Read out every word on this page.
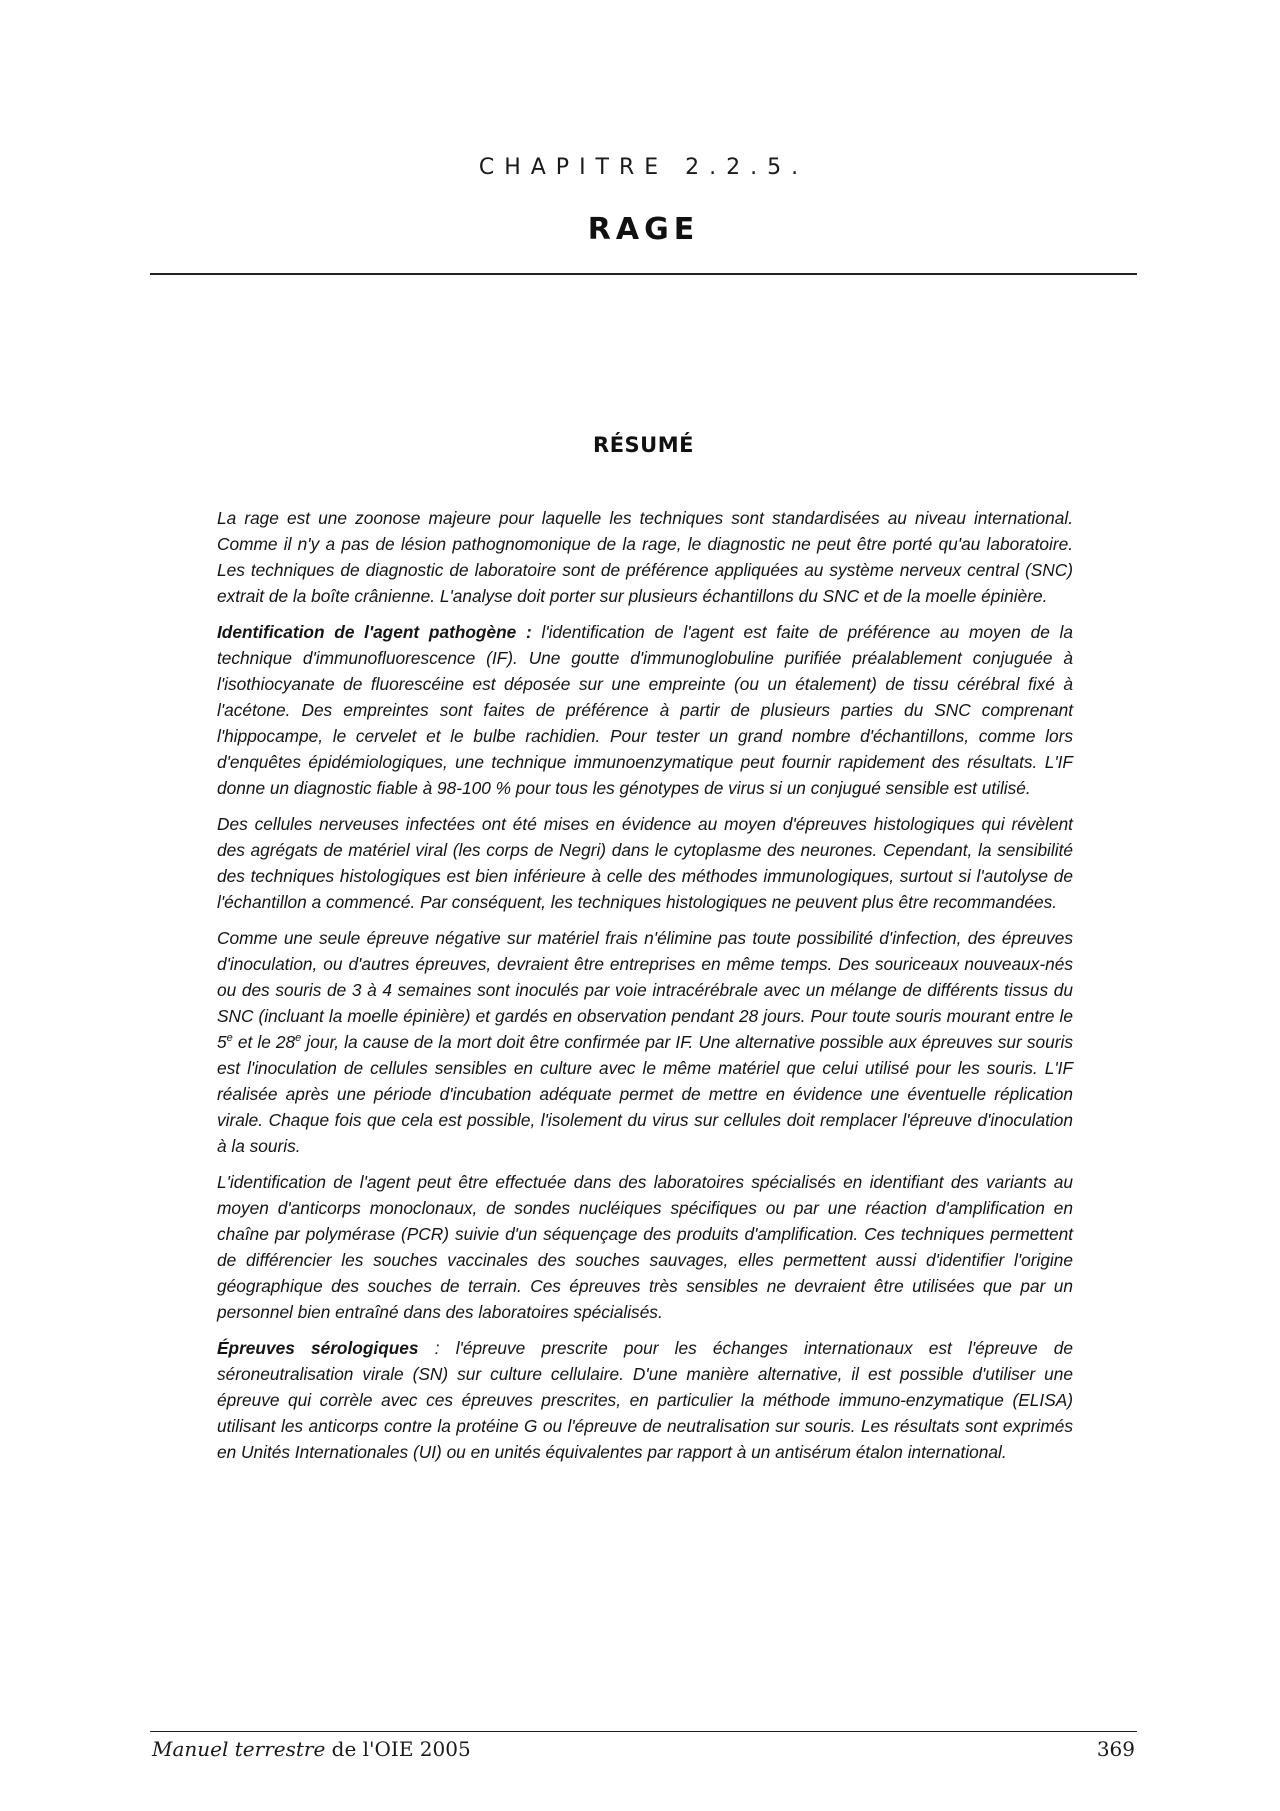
CHAPITRE 2.2.5.
RAGE
RÉSUMÉ

La rage est une zoonose majeure pour laquelle les techniques sont standardisées au niveau international. Comme il n'y a pas de lésion pathognomonique de la rage, le diagnostic ne peut être porté qu'au laboratoire. Les techniques de diagnostic de laboratoire sont de préférence appliquées au système nerveux central (SNC) extrait de la boîte crânienne. L'analyse doit porter sur plusieurs échantillons du SNC et de la moelle épinière.

Identification de l'agent pathogène : l'identification de l'agent est faite de préférence au moyen de la technique d'immunofluorescence (IF). Une goutte d'immunoglobuline purifiée préalablement conjuguée à l'isothiocyanate de fluorescéine est déposée sur une empreinte (ou un étalement) de tissu cérébral fixé à l'acétone. Des empreintes sont faites de préférence à partir de plusieurs parties du SNC comprenant l'hippocampe, le cervelet et le bulbe rachidien. Pour tester un grand nombre d'échantillons, comme lors d'enquêtes épidémiologiques, une technique immunoenzymatique peut fournir rapidement des résultats. L'IF donne un diagnostic fiable à 98-100 % pour tous les génotypes de virus si un conjugué sensible est utilisé.

Des cellules nerveuses infectées ont été mises en évidence au moyen d'épreuves histologiques qui révèlent des agrégats de matériel viral (les corps de Negri) dans le cytoplasme des neurones. Cependant, la sensibilité des techniques histologiques est bien inférieure à celle des méthodes immunologiques, surtout si l'autolyse de l'échantillon a commencé. Par conséquent, les techniques histologiques ne peuvent plus être recommandées.

Comme une seule épreuve négative sur matériel frais n'élimine pas toute possibilité d'infection, des épreuves d'inoculation, ou d'autres épreuves, devraient être entreprises en même temps. Des souriceaux nouveaux-nés ou des souris de 3 à 4 semaines sont inoculés par voie intracérébrale avec un mélange de différents tissus du SNC (incluant la moelle épinière) et gardés en observation pendant 28 jours. Pour toute souris mourant entre le 5e et le 28e jour, la cause de la mort doit être confirmée par IF. Une alternative possible aux épreuves sur souris est l'inoculation de cellules sensibles en culture avec le même matériel que celui utilisé pour les souris. L'IF réalisée après une période d'incubation adéquate permet de mettre en évidence une éventuelle réplication virale. Chaque fois que cela est possible, l'isolement du virus sur cellules doit remplacer l'épreuve d'inoculation à la souris.

L'identification de l'agent peut être effectuée dans des laboratoires spécialisés en identifiant des variants au moyen d'anticorps monoclonaux, de sondes nucléiques spécifiques ou par une réaction d'amplification en chaîne par polymérase (PCR) suivie d'un séquençage des produits d'amplification. Ces techniques permettent de différencier les souches vaccinales des souches sauvages, elles permettent aussi d'identifier l'origine géographique des souches de terrain. Ces épreuves très sensibles ne devraient être utilisées que par un personnel bien entraîné dans des laboratoires spécialisés.

Épreuves sérologiques : l'épreuve prescrite pour les échanges internationaux est l'épreuve de séroneutralisation virale (SN) sur culture cellulaire. D'une manière alternative, il est possible d'utiliser une épreuve qui corrèle avec ces épreuves prescrites, en particulier la méthode immuno-enzymatique (ELISA) utilisant les anticorps contre la protéine G ou l'épreuve de neutralisation sur souris. Les résultats sont exprimés en Unités Internationales (UI) ou en unités équivalentes par rapport à un antisérum étalon international.

Manuel terrestre de l'OIE 2005	369
